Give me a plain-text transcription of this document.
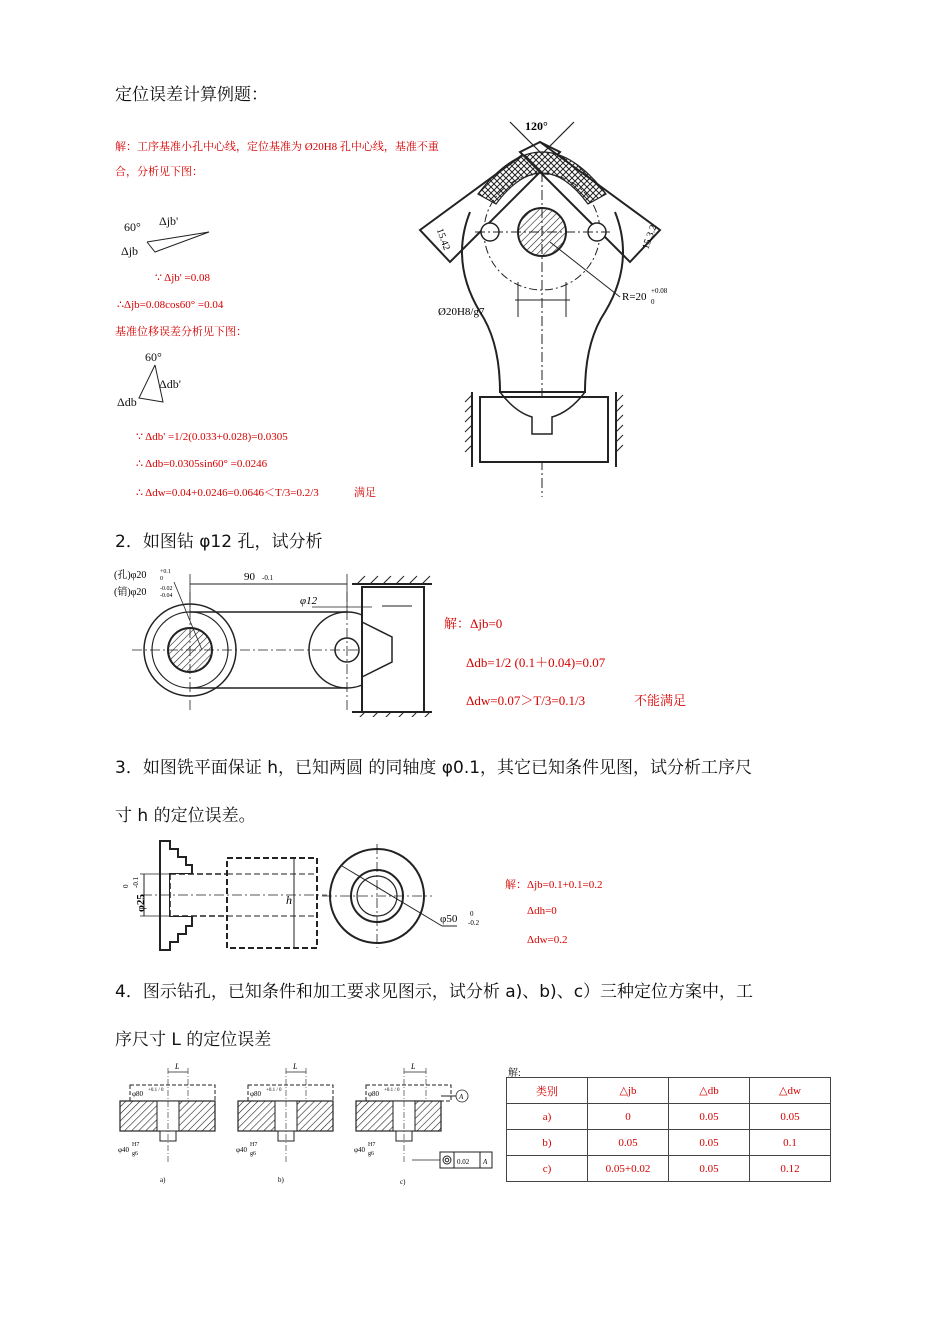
定位误差计算例题：
解：工序基准小孔中心线，定位基准为 Ø20H8 孔中心线，基准不重
合，分析见下图：
60° Δjb'
Δjb
∵ Δjb' =0.08
∴Δjb=0.08cos60° =0.04
基准位移误差分析见下图：
60°
Δdb'
Δdb
∵ Δdb' =1/2(0.033+0.028)=0.0305
∴ Δdb=0.0305sin60° =0.0246
∴ Δdw=0.04+0.0246=0.0646＜T/3=0.2/3	满足
120°
Ø20H8/g7
R=20 +0.08
0
15.42	15.3.2
2．如图钻 φ12 孔，试分析
90 -0.1
φ12
(孔)φ20 +0.1
0
(销)φ20 -0.02
-0.04
解：Δjb=0
Δdb=1/2 (0.1＋0.04)=0.07
Δdw=0.07＞T/3=0.1/3	不能满足
3．如图铣平面保证 h，已知两圆 的同轴度 φ0.1，其它已知条件见图，试分析工序尺
寸 h 的定位误差。
φ25
0 -0.1
h
φ50 0
-0.2
解：Δjb=0.1+0.1=0.2
Δdh=0
Δdw=0.2
4．图示钻孔，已知条件和加工要求见图示，试分析 a)、b)、c）三种定位方案中，工
序尺寸 L 的定位误差
L
φ80 +0.1 / 0
φ40
H7
g6
a)
L
φ80 +0.1 / 0
φ40
H7
g6
b)
A
L
φ80 +0.1 / 0
φ40
H7
g6
0.02 A
c)
解:
类别	△jb	△db	△dw
a)	0	0.05	0.05
b)	0.05	0.05	0.1
c)	0.05+0.02	0.05	0.12
